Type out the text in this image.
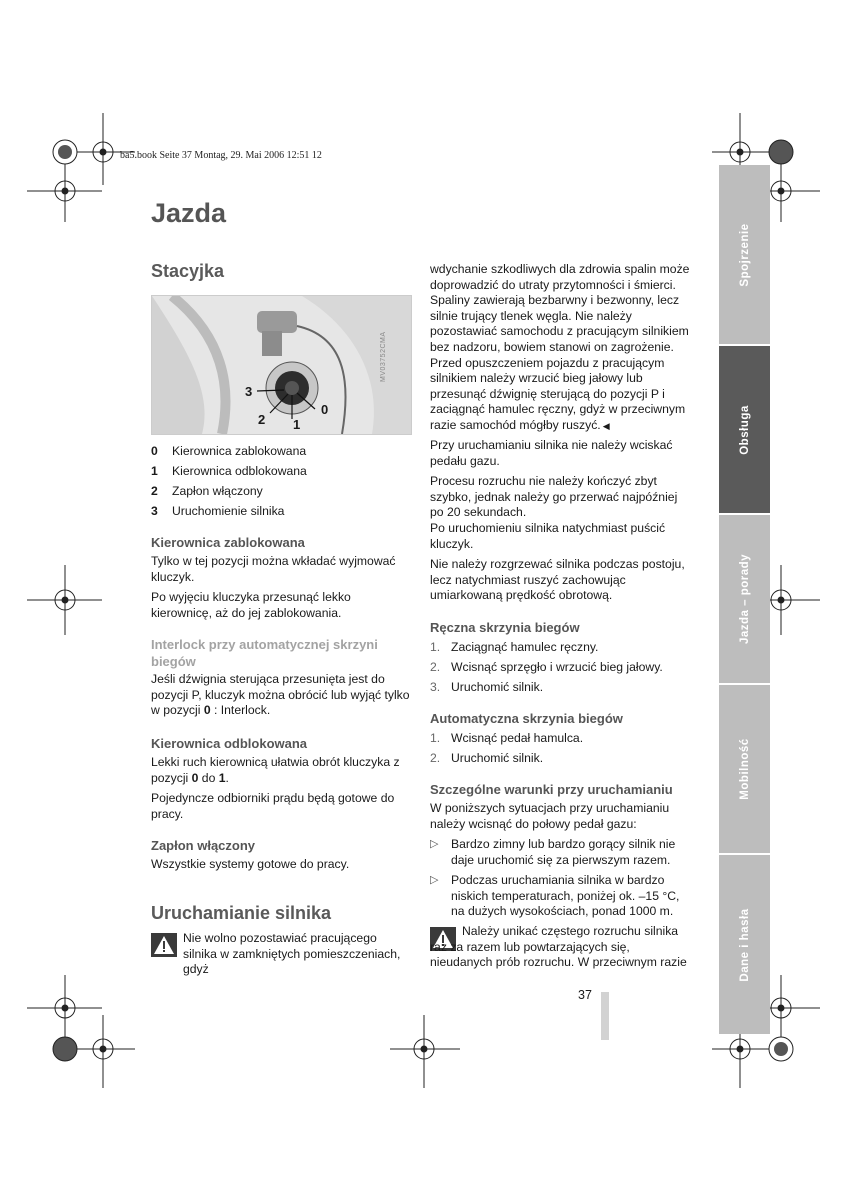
ba5.book Seite 37 Montag, 29. Mai 2006 12:51 12
Jazda
Stacyjka
3
2 1
0
MV03752CMA
0 Kierownica zablokowana
1 Kierownica odblokowana
2 Zapłon włączony
3 Uruchomienie silnika
Kierownica zablokowana

Tylko w tej pozycji można wkładać wyjmować kluczyk.

Po wyjęciu kluczyka przesunąć lekko kierownicę, aż do jej zablokowania.

Interlock przy automatycznej skrzyni biegów

Jeśli dźwignia sterująca przesunięta jest do pozycji P, kluczyk można obrócić lub wyjąć tylko w pozycji 0 : Interlock.

Kierownica odblokowana

Lekki ruch kierownicą ułatwia obrót kluczyka z pozycji 0 do 1.

Pojedyncze odbiorniki prądu będą gotowe do pracy.

Zapłon włączony

Wszystkie systemy gotowe do pracy.

Uruchamianie silnika

Nie wolno pozostawiać pracującego silnika w zamkniętych pomieszczeniach, gdyż

wdychanie szkodliwych dla zdrowia spalin może doprowadzić do utraty przytomności i śmierci. Spaliny zawierają bezbarwny i bezwonny, lecz silnie trujący tlenek węgla. Nie należy pozostawiać samochodu z pracującym silnikiem bez nadzoru, bowiem stanowi on zagrożenie. Przed opuszczeniem pojazdu z pracującym silnikiem należy wrzucić bieg jałowy lub przesunąć dźwignię sterującą do pozycji P i zaciągnąć hamulec ręczny, gdyż w przeciwnym razie samochód mógłby ruszyć. ◀

Przy uruchamianiu silnika nie należy wciskać pedału gazu.

Procesu rozruchu nie należy kończyć zbyt szybko, jednak należy go przerwać najpóźniej po 20 sekundach.

Po uruchomieniu silnika natychmiast puścić kluczyk.

Nie należy rozgrzewać silnika podczas postoju, lecz natychmiast ruszyć zachowując umiarkowaną prędkość obrotową.

Ręczna skrzynia biegów
1. Zaciągnąć hamulec ręczny.
2. Wcisnąć sprzęgło i wrzucić bieg jałowy.
3. Uruchomić silnik.
Automatyczna skrzynia biegów
1. Wcisnąć pedał hamulca.
2. Uruchomić silnik.
Szczególne warunki przy uruchamianiu

W poniższych sytuacjach przy uruchamianiu należy wcisnąć do połowy pedał gazu:

▷ Bardzo zimny lub bardzo gorący silnik nie daje uruchomić się za pierwszym razem.
▷ Podczas uruchamiania silnika w bardzo niskich temperaturach, poniżej ok. –15 °C, na dużych wysokościach, ponad 1000 m.

Należy unikać częstego rozruchu silnika raz za razem lub powtarzających się, nieudanych prób rozruchu. W przeciwnym razie

Spojrzenie
Obsługa
Jazda – porady
Mobilność
Dane i hasła
37
